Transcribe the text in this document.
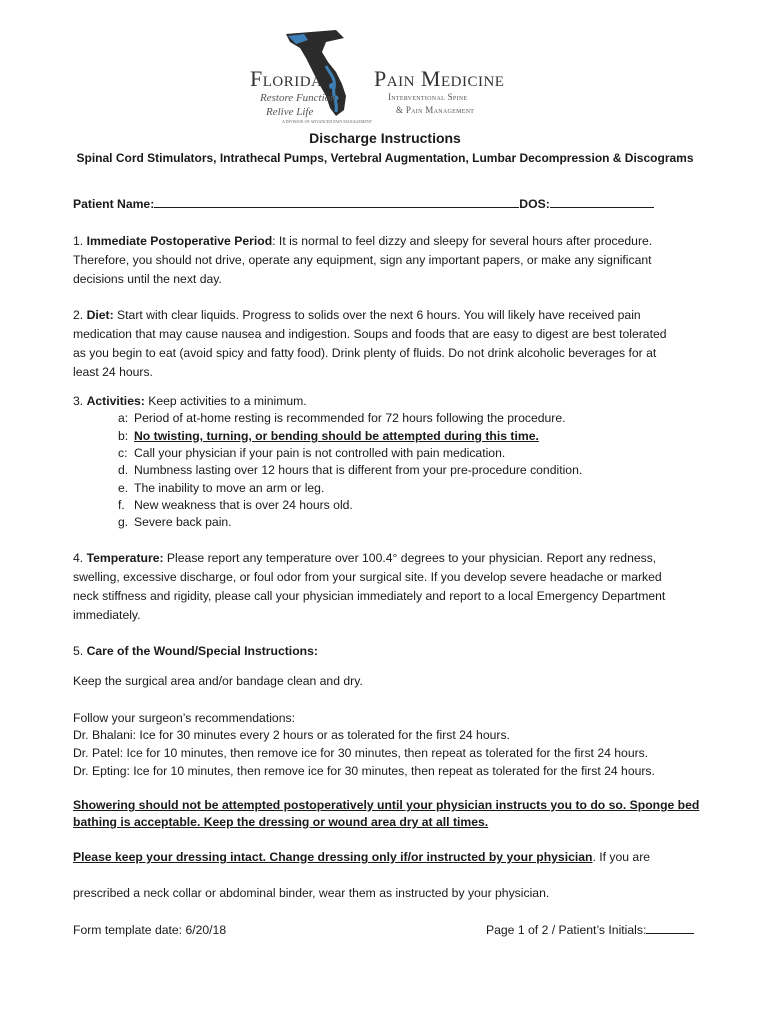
Florida Pain Medicine
Restore Function
Relive Life
A DIVISION OF ADVANCED PAIN MANAGEMENT
Interventional Spine
& Pain Management
Discharge Instructions
Spinal Cord Stimulators, Intrathecal Pumps, Vertebral Augmentation, Lumbar Decompression & Discograms
Patient Name:	DOS:
1. Immediate Postoperative Period: It is normal to feel dizzy and sleepy for several hours after procedure.
Therefore, you should not drive, operate any equipment, sign any important papers, or make any significant
decisions until the next day.
2. Diet: Start with clear liquids. Progress to solids over the next 6 hours. You will likely have received pain
medication that may cause nausea and indigestion. Soups and foods that are easy to digest are best tolerated
as you begin to eat (avoid spicy and fatty food). Drink plenty of fluids. Do not drink alcoholic beverages for at
least 24 hours.
3. Activities: Keep activities to a minimum.
a: Period of at-home resting is recommended for 72 hours following the procedure.
b: No twisting, turning, or bending should be attempted during this time.
c: Call your physician if your pain is not controlled with pain medication.
d. Numbness lasting over 12 hours that is different from your pre-procedure condition.
e. The inability to move an arm or leg.
f. New weakness that is over 24 hours old.
g. Severe back pain.
4. Temperature: Please report any temperature over 100.4° degrees to your physician. Report any redness,
swelling, excessive discharge, or foul odor from your surgical site. If you develop severe headache or marked
neck stiffness and rigidity, please call your physician immediately and report to a local Emergency Department
immediately.
5. Care of the Wound/Special Instructions:
Keep the surgical area and/or bandage clean and dry.
Follow your surgeon’s recommendations:
Dr. Bhalani: Ice for 30 minutes every 2 hours or as tolerated for the first 24 hours.
Dr. Patel: Ice for 10 minutes, then remove ice for 30 minutes, then repeat as tolerated for the first 24 hours.
Dr. Epting: Ice for 10 minutes, then remove ice for 30 minutes, then repeat as tolerated for the first 24 hours.
Showering should not be attempted postoperatively until your physician instructs you to do so. Sponge bed
bathing is acceptable. Keep the dressing or wound area dry at all times.
Please keep your dressing intact. Change dressing only if/or instructed by your physician. If you are
prescribed a neck collar or abdominal binder, wear them as instructed by your physician.
Form template date: 6/20/18	Page 1 of 2 / Patient’s Initials:
